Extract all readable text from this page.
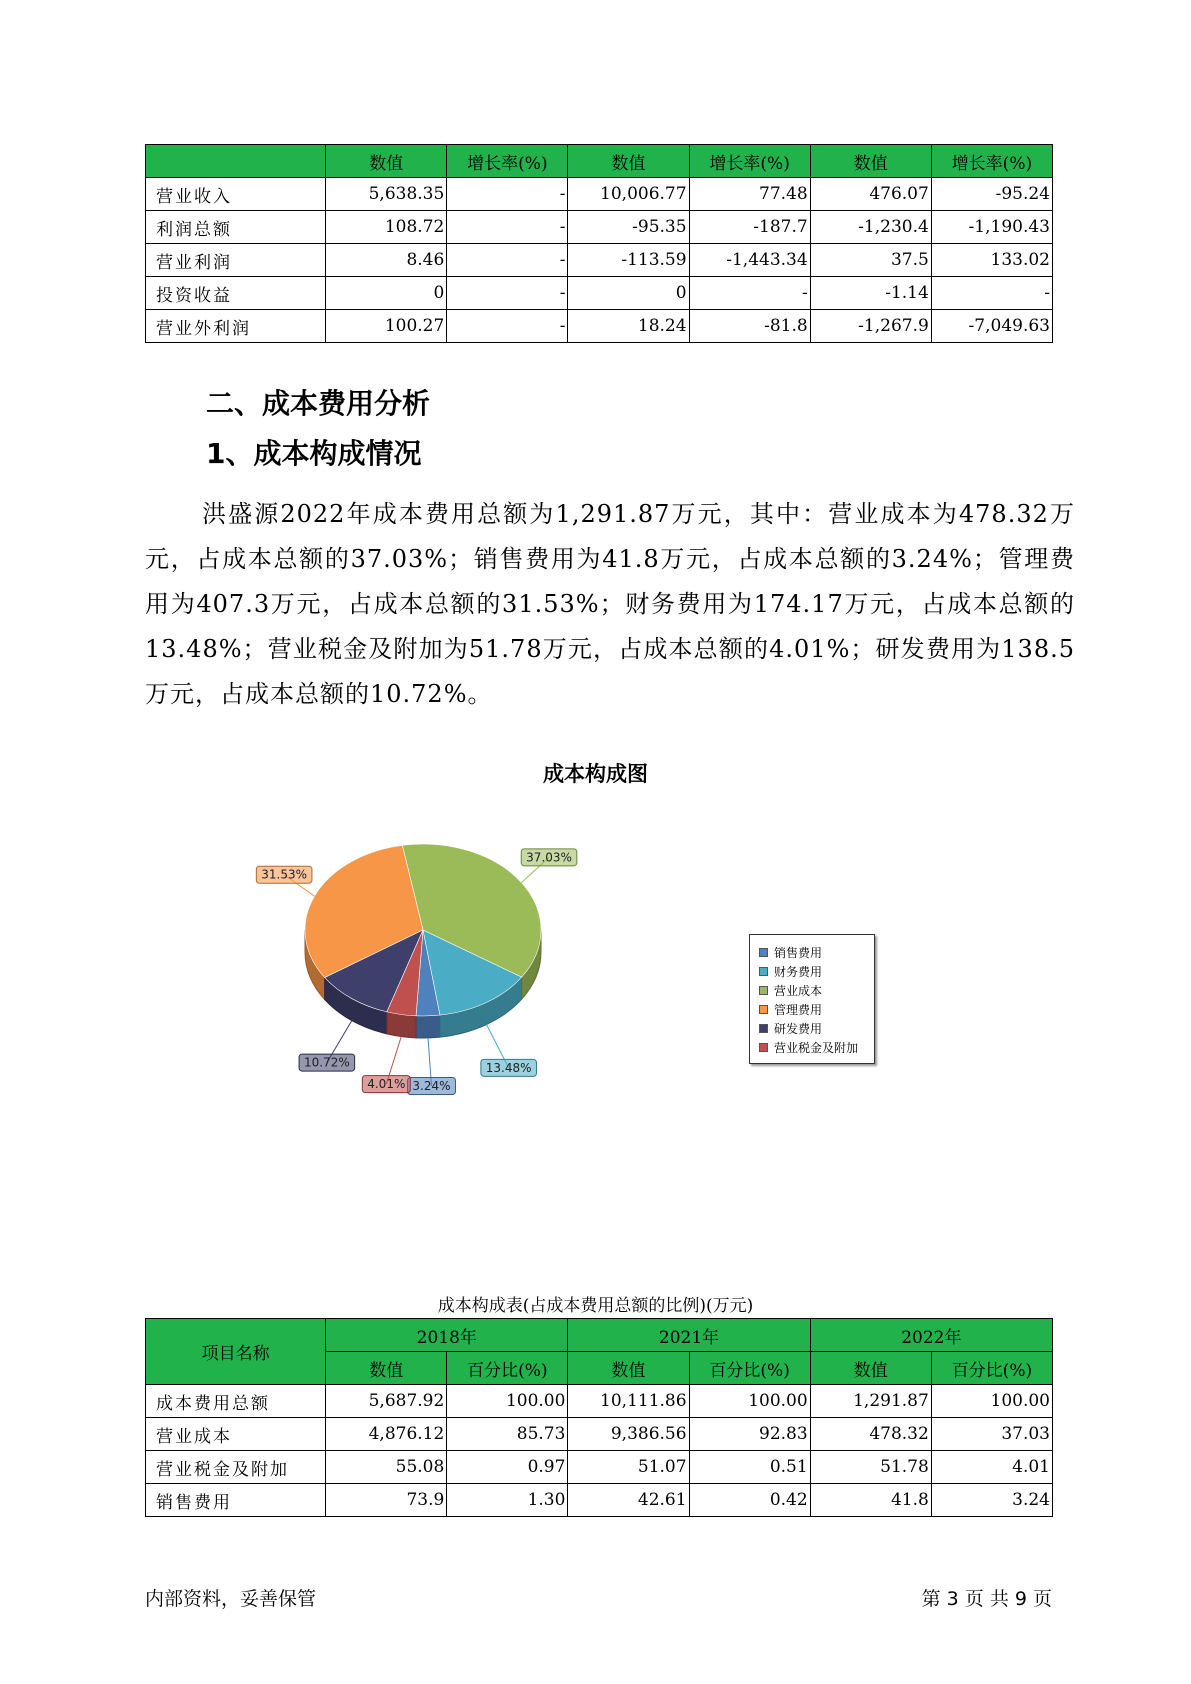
	数值	增长率(%)	数值	增长率(%)	数值	增长率(%)
营业收入	5,638.35	-	10,006.77	77.48	476.07	-95.24
利润总额	108.72	-	-95.35	-187.7	-1,230.4	-1,190.43
营业利润	8.46	-	-113.59	-1,443.34	37.5	133.02
投资收益	0	-	0	-	-1.14	-
营业外利润	100.27	-	18.24	-81.8	-1,267.9	-7,049.63
二、成本费用分析
1、成本构成情况

洪盛源2022年成本费用总额为1,291.87万元，其中：营业成本为478.32万元，占成本总额的37.03%；销售费用为41.8万元，占成本总额的3.24%；管理费用为407.3万元，占成本总额的31.53%；财务费用为174.17万元，占成本总额的13.48%；营业税金及附加为51.78万元，占成本总额的4.01%；研发费用为138.5万元，占成本总额的10.72%。

成本构成图
3.24%
13.48%
37.03%
31.53%
10.72%
4.01%
销售费用
财务费用
营业成本
管理费用
研发费用
营业税金及附加
成本构成表(占成本费用总额的比例)(万元)
项目名称	2018年		2021年		2022年	
	数值	百分比(%)	数值	百分比(%)	数值	百分比(%)
成本费用总额	5,687.92	100.00	10,111.86	100.00	1,291.87	100.00
营业成本	4,876.12	85.73	9,386.56	92.83	478.32	37.03
营业税金及附加	55.08	0.97	51.07	0.51	51.78	4.01
销售费用	73.9	1.30	42.61	0.42	41.8	3.24
内部资料，妥善保管	第 3 页 共 9 页
